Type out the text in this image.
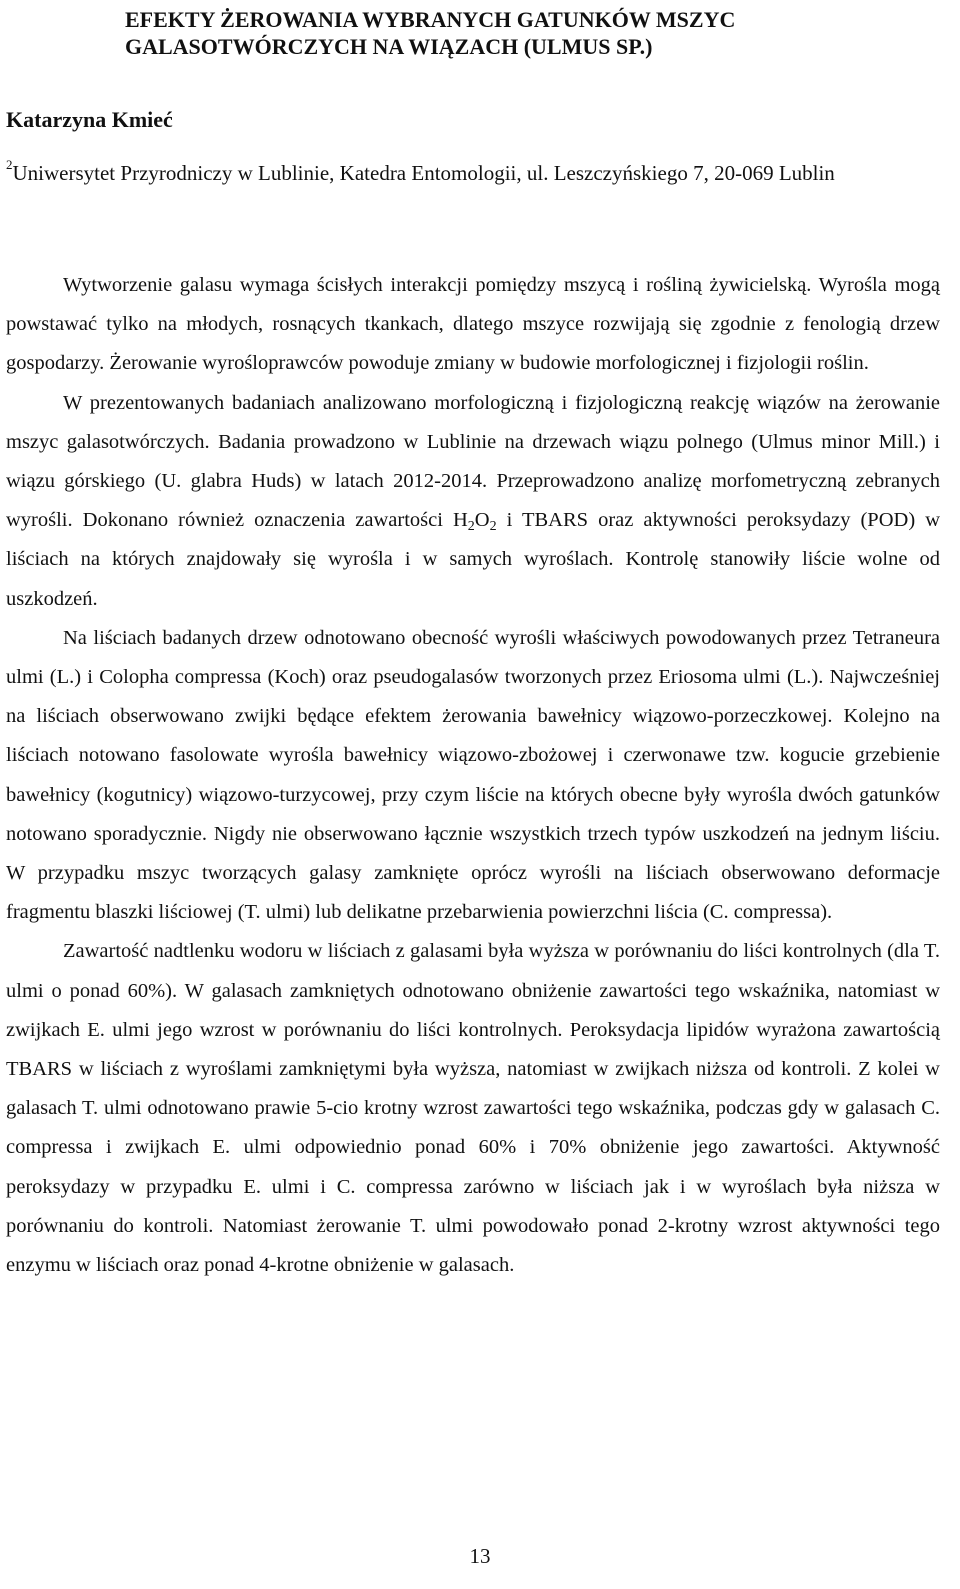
EFEKTY ŻEROWANIA WYBRANYCH GATUNKÓW MSZYC
GALASOTWÓRCZYCH NA WIĄZACH (ULMUS SP.)
Katarzyna Kmieć
$^2$Uniwersytet Przyrodniczy w Lublinie, Katedra Entomologii, ul. Leszczyńskiego 7, 20-069 Lublin

Wytworzenie galasu wymaga ścisłych interakcji pomiędzy mszycą i rośliną żywicielską. Wyrośla mogą powstawać tylko na młodych, rosnących tkankach, dlatego mszyce rozwijają się zgodnie z fenologią drzew gospodarzy. Żerowanie wyrośloprawców powoduje zmiany w budowie morfologicznej i fizjologii roślin.

W prezentowanych badaniach analizowano morfologiczną i fizjologiczną reakcję wiązów na żerowanie mszyc galasotwórczych. Badania prowadzono w Lublinie na drzewach wiązu polnego (Ulmus minor Mill.) i wiązu górskiego (U. glabra Huds) w latach 2012-2014. Przeprowadzono analizę morfometryczną zebranych wyrośli. Dokonano również oznaczenia zawartości $H_2O_2$ i TBARS oraz aktywności peroksydazy (POD) w liściach na których znajdowały się wyrośla i w samych wyroślach. Kontrolę stanowiły liście wolne od uszkodzeń.

Na liściach badanych drzew odnotowano obecność wyrośli właściwych powodowanych przez Tetraneura ulmi (L.) i Colopha compressa (Koch) oraz pseudogalasów tworzonych przez Eriosoma ulmi (L.). Najwcześniej na liściach obserwowano zwijki będące efektem żerowania bawełnicy wiązowo-porzeczkowej. Kolejno na liściach notowano fasolowate wyrośla bawełnicy wiązowo-zbożowej i czerwonawe tzw. kogucie grzebienie bawełnicy (kogutnicy) wiązowo-turzycowej, przy czym liście na których obecne były wyrośla dwóch gatunków notowano sporadycznie. Nigdy nie obserwowano łącznie wszystkich trzech typów uszkodzeń na jednym liściu. W przypadku mszyc tworzących galasy zamknięte oprócz wyrośli na liściach obserwowano deformacje fragmentu blaszki liściowej (T. ulmi) lub delikatne przebarwienia powierzchni liścia (C. compressa).

Zawartość nadtlenku wodoru w liściach z galasami była wyższa w porównaniu do liści kontrolnych (dla T. ulmi o ponad 60%). W galasach zamkniętych odnotowano obniżenie zawartości tego wskaźnika, natomiast w zwijkach E. ulmi jego wzrost w porównaniu do liści kontrolnych. Peroksydacja lipidów wyrażona zawartością TBARS w liściach z wyroślami zamkniętymi była wyższa, natomiast w zwijkach niższa od kontroli. Z kolei w galasach T. ulmi odnotowano prawie 5-cio krotny wzrost zawartości tego wskaźnika, podczas gdy w galasach C. compressa i zwijkach E. ulmi odpowiednio ponad 60% i 70% obniżenie jego zawartości. Aktywność peroksydazy w przypadku E. ulmi i C. compressa zarówno w liściach jak i w wyroślach była niższa w porównaniu do kontroli. Natomiast żerowanie T. ulmi powodowało ponad 2-krotny wzrost aktywności tego enzymu w liściach oraz ponad 4-krotne obniżenie w galasach.

13
